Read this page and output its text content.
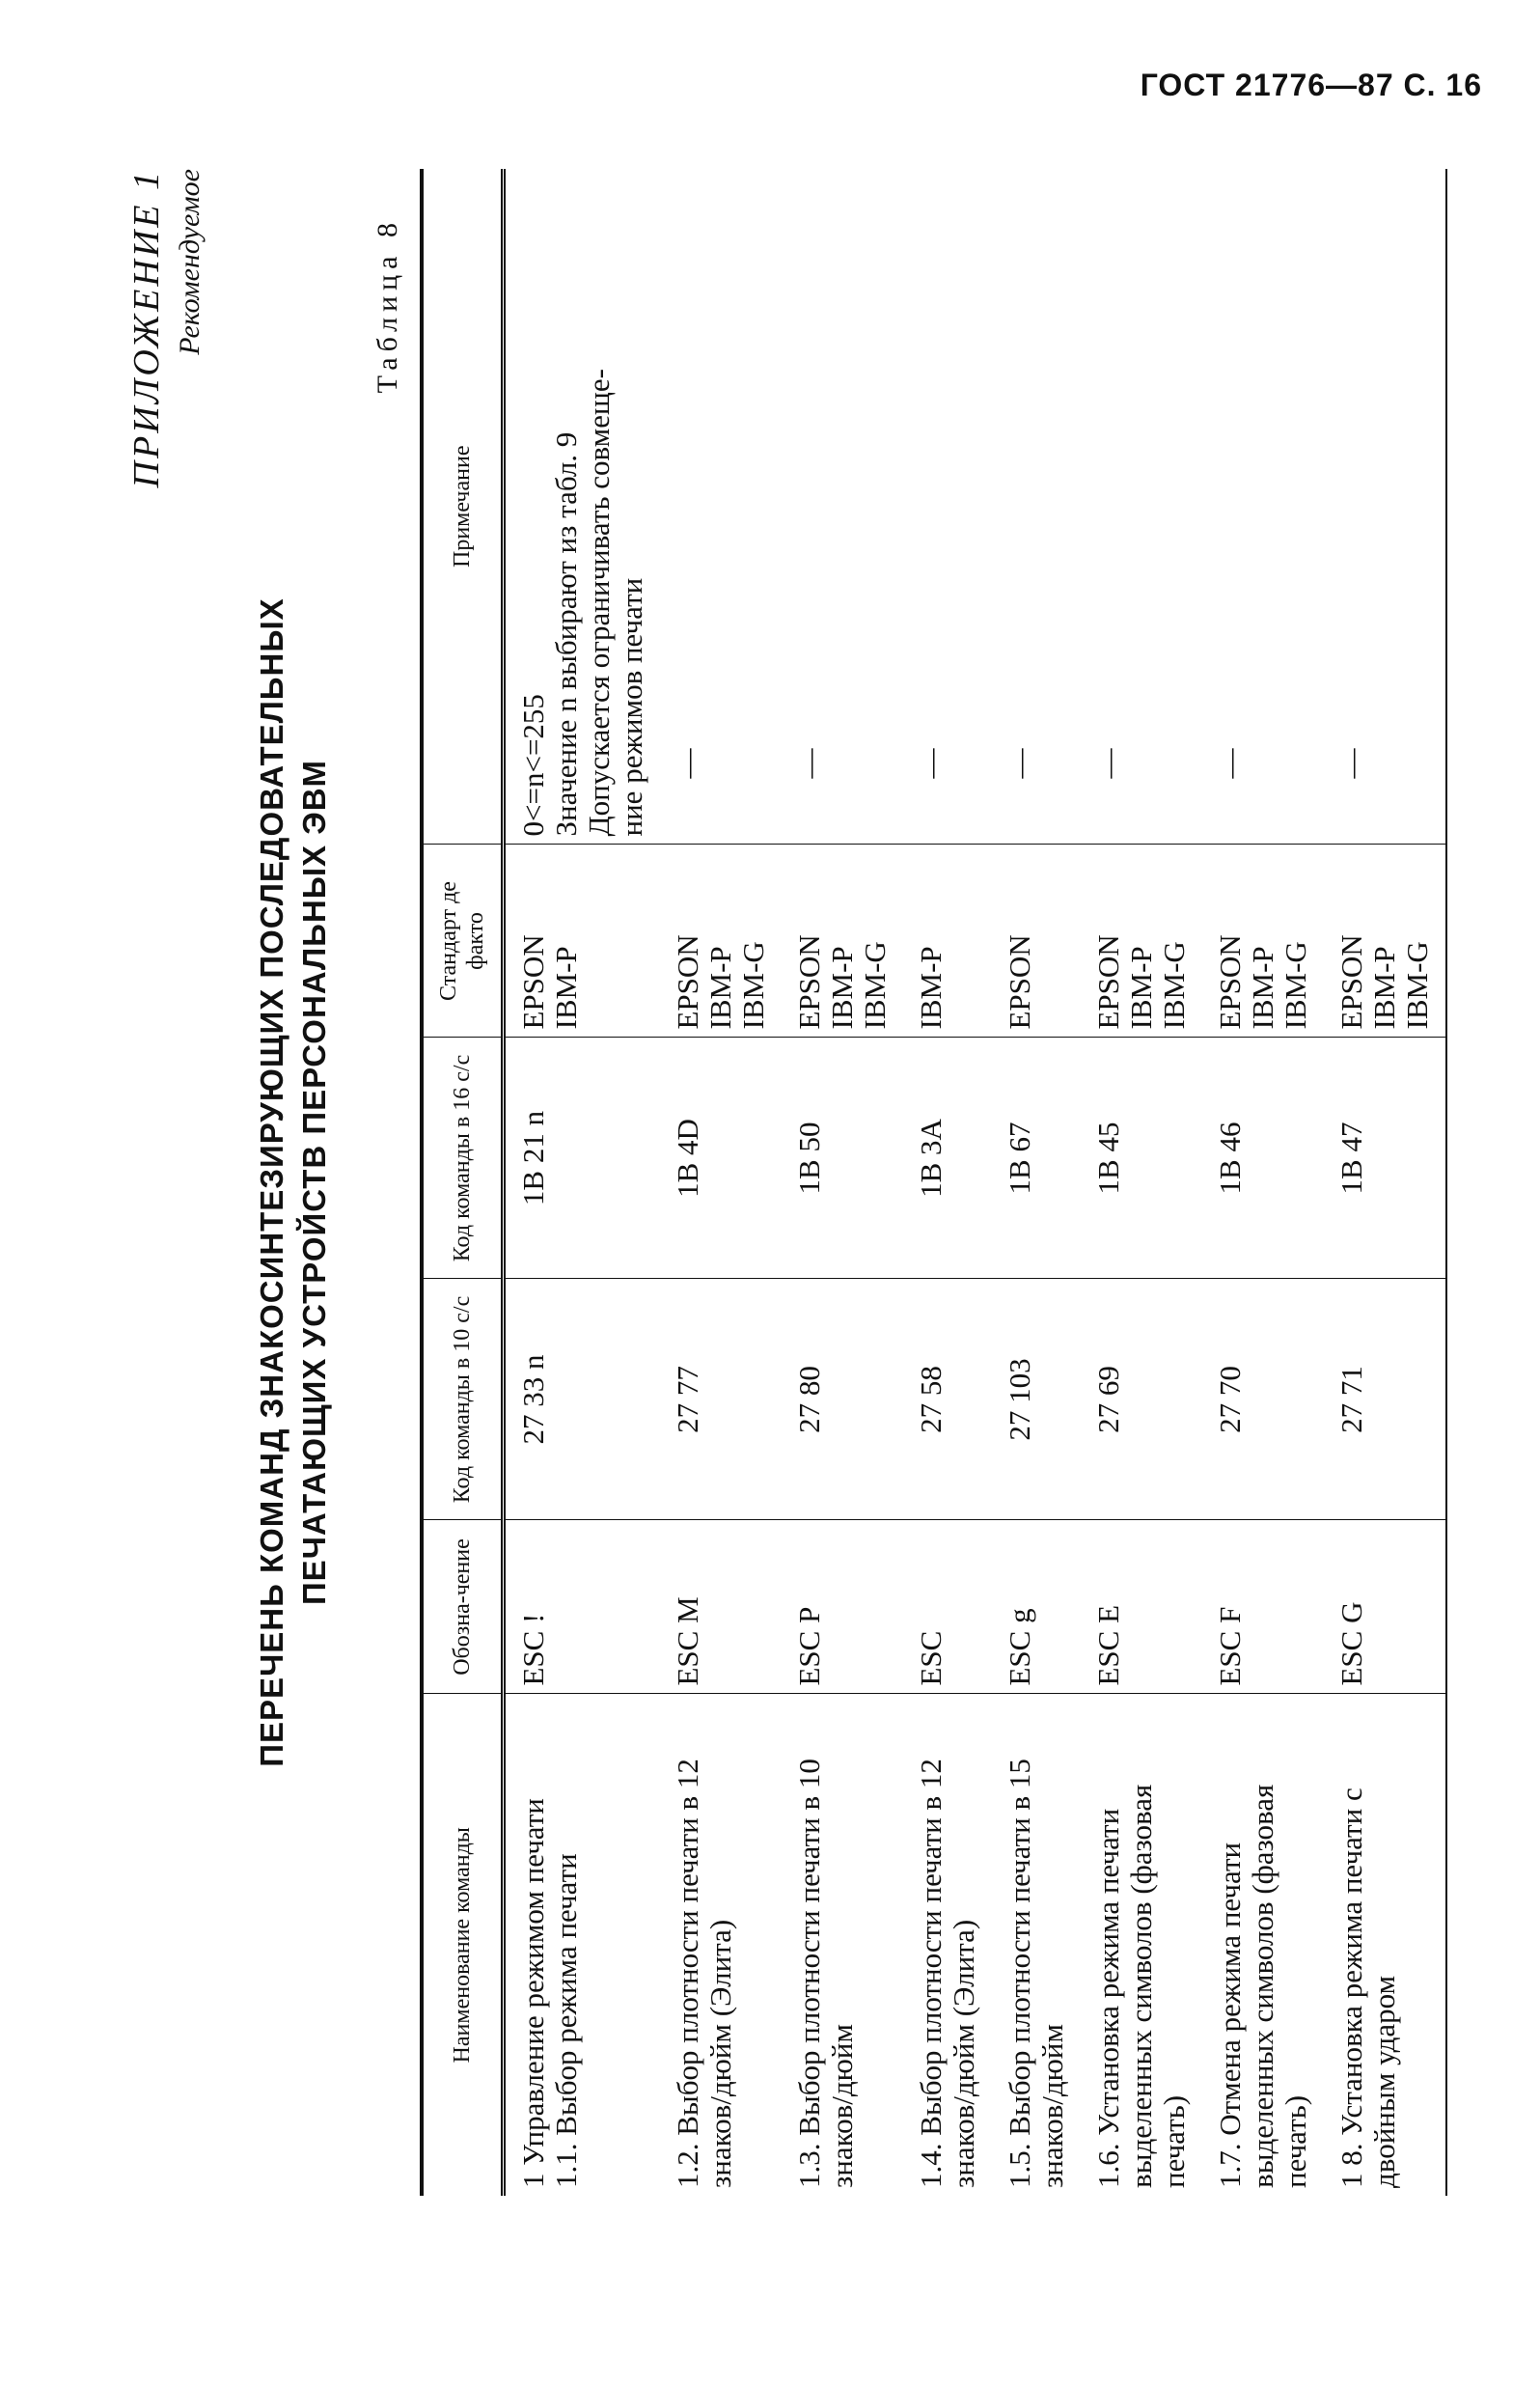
ГОСТ 21776—87 С. 16
ПРИЛОЖЕНИЕ 1 Рекомендуемое
ПЕРЕЧЕНЬ КОМАНД ЗНАКОСИНТЕЗИРУЮЩИХ ПОСЛЕДОВАТЕЛЬНЫХ ПЕЧАТАЮЩИХ УСТРОЙСТВ ПЕРСОНАЛЬНЫХ ЭВМ
Таблица 8
Наименование команды	Обозна-чение	Код команды в 10 с/с	Код команды в 16 с/с	Стандарт де факто	Примечание

1 Управление режимом печати 1.1. Выбор режима печати	ESC !	27 33 n	1B 21 n	EPSON IBM-P	0<=n<=255 Значение n выбирают из табл. 9 Допускается ограничивать совмеще- ние режимов печати

1.2. Выбор плотности печати в 12 знаков/дюйм (Элита)	ESC M	27 77	1B 4D	EPSON IBM-P IBM-G	—

1.3. Выбор плотности печати в 10 знаков/дюйм	ESC P	27 80	1B 50	EPSON IBM-P IBM-G	—

1.4. Выбор плотности печати в 12 знаков/дюйм (Элита)	ESC	27 58	1B 3A	IBM-P	—

1.5. Выбор плотности печати в 15 знаков/дюйм	ESC g	27 103	1B 67	EPSON	—

1.6. Установка режима печати выделенных символов (фазовая печать)	ESC E	27 69	1B 45	EPSON IBM-P IBM-G	—

1.7. Отмена режима печати выделенных символов (фазовая печать)	ESC F	27 70	1B 46	EPSON IBM-P IBM-G	—

1 8. Установка режима печати с двойным ударом	ESC G	27 71	1B 47	EPSON IBM-P IBM-G	—
